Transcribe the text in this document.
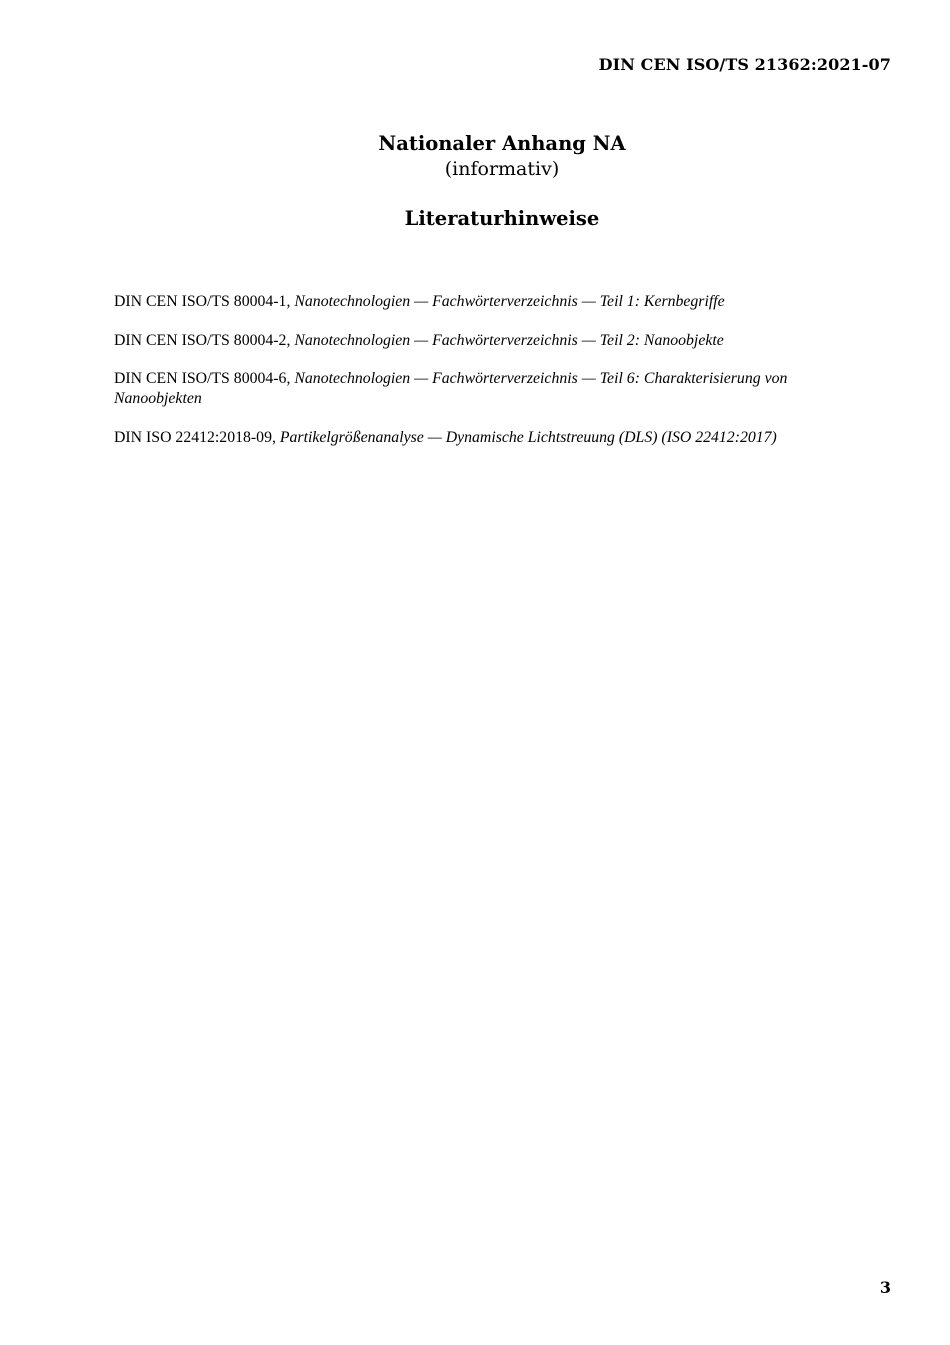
DIN CEN ISO/TS 21362:2021-07

Nationaler Anhang NA

(informativ)

Literaturhinweise
DIN CEN ISO/TS 80004-1, Nanotechnologien — Fachwörterverzeichnis — Teil 1: Kernbegriffe
DIN CEN ISO/TS 80004-2, Nanotechnologien — Fachwörterverzeichnis — Teil 2: Nanoobjekte
DIN CEN ISO/TS 80004-6, Nanotechnologien — Fachwörterverzeichnis — Teil 6: Charakterisierung von Nanoobjekten
DIN ISO 22412:2018-09, Partikelgrößenanalyse — Dynamische Lichtstreuung (DLS) (ISO 22412:2017)
3
